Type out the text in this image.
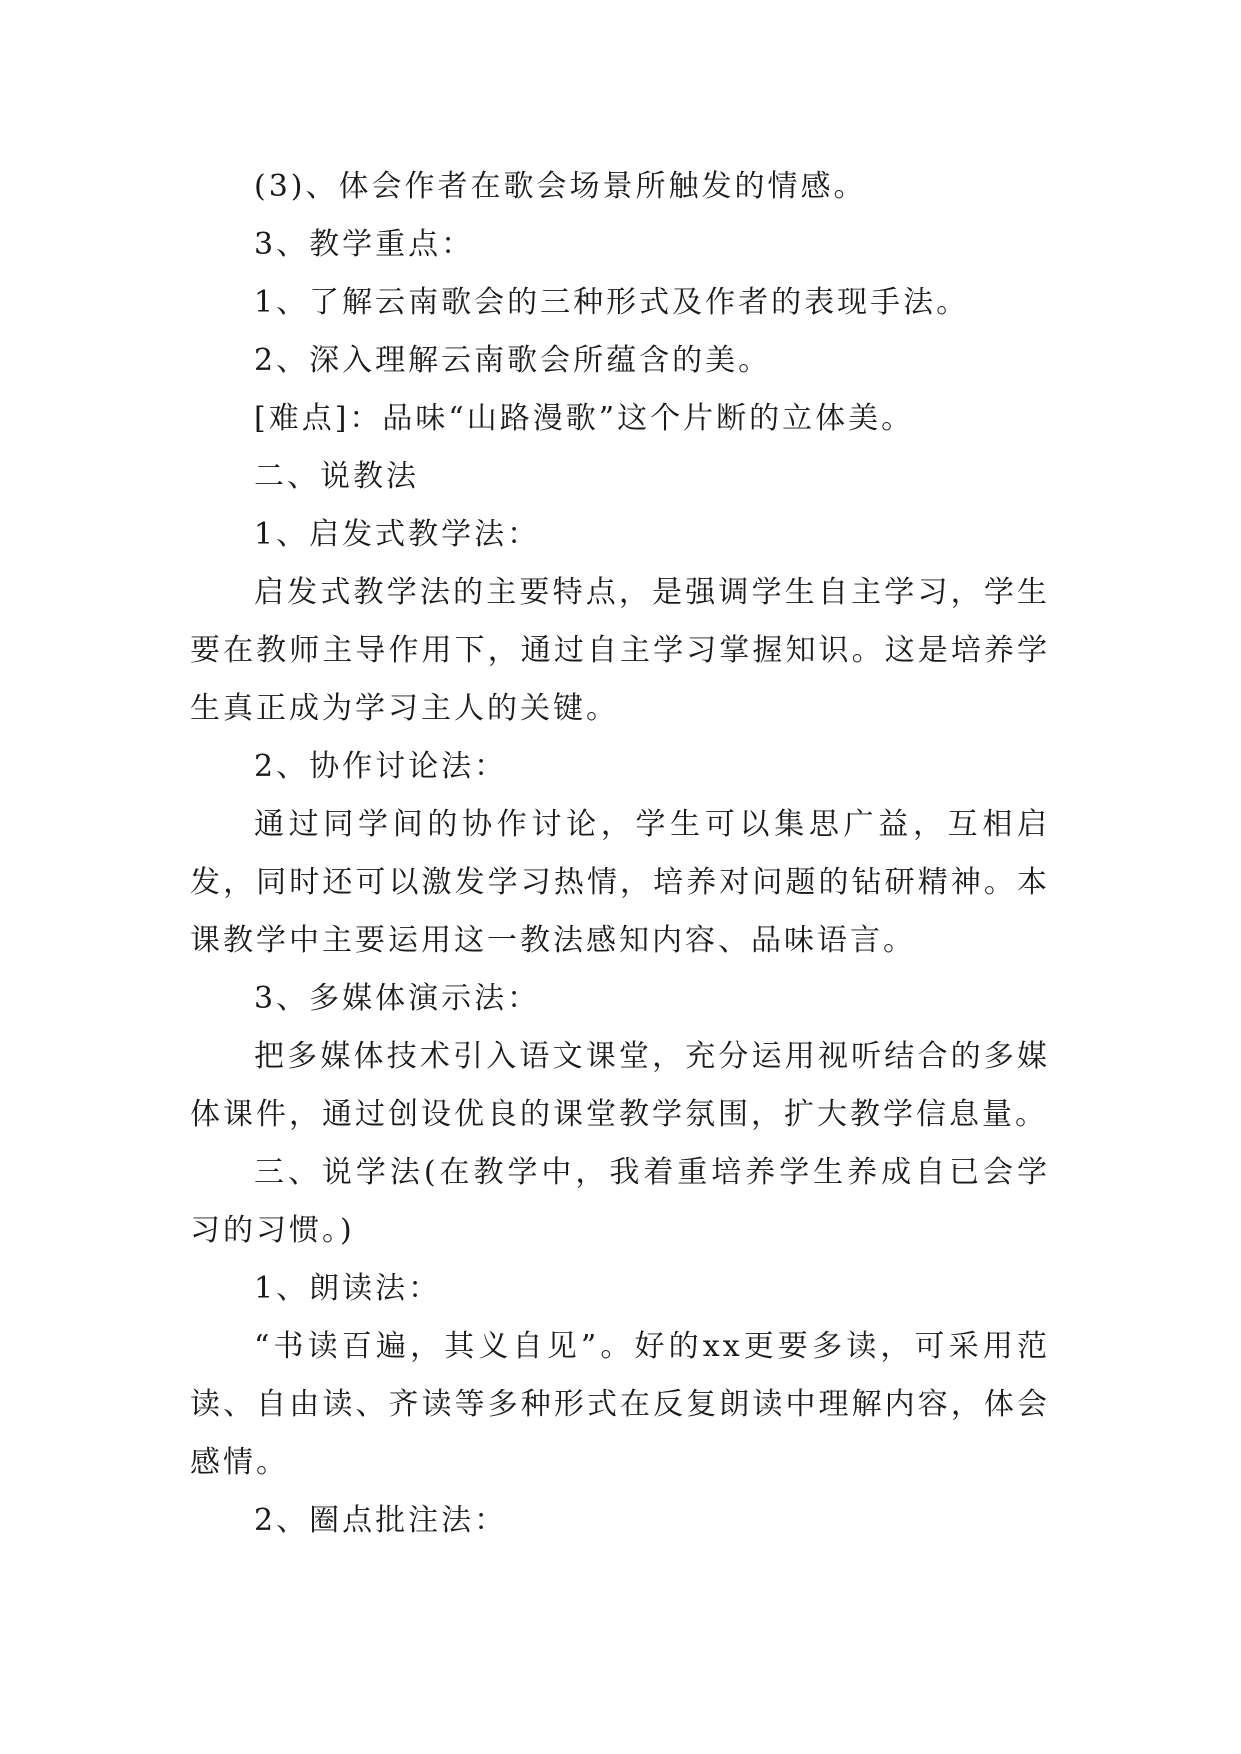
(3)、体会作者在歌会场景所触发的情感。

3、教学重点：

1、了解云南歌会的三种形式及作者的表现手法。

2、深入理解云南歌会所蕴含的美。

[难点]：品味“山路漫歌”这个片断的立体美。

二、说教法

1、启发式教学法：

启发式教学法的主要特点，是强调学生自主学习，学生要在教师主导作用下，通过自主学习掌握知识。这是培养学生真正成为学习主人的关键。

2、协作讨论法：

通过同学间的协作讨论，学生可以集思广益，互相启发，同时还可以激发学习热情，培养对问题的钻研精神。本课教学中主要运用这一教法感知内容、品味语言。

3、多媒体演示法：

把多媒体技术引入语文课堂，充分运用视听结合的多媒体课件，通过创设优良的课堂教学氛围，扩大教学信息量。

三、说学法(在教学中，我着重培养学生养成自已会学习的习惯。)

1、朗读法：

“书读百遍，其义自见”。好的xx更要多读，可采用范读、自由读、齐读等多种形式在反复朗读中理解内容，体会感情。

2、圈点批注法：
